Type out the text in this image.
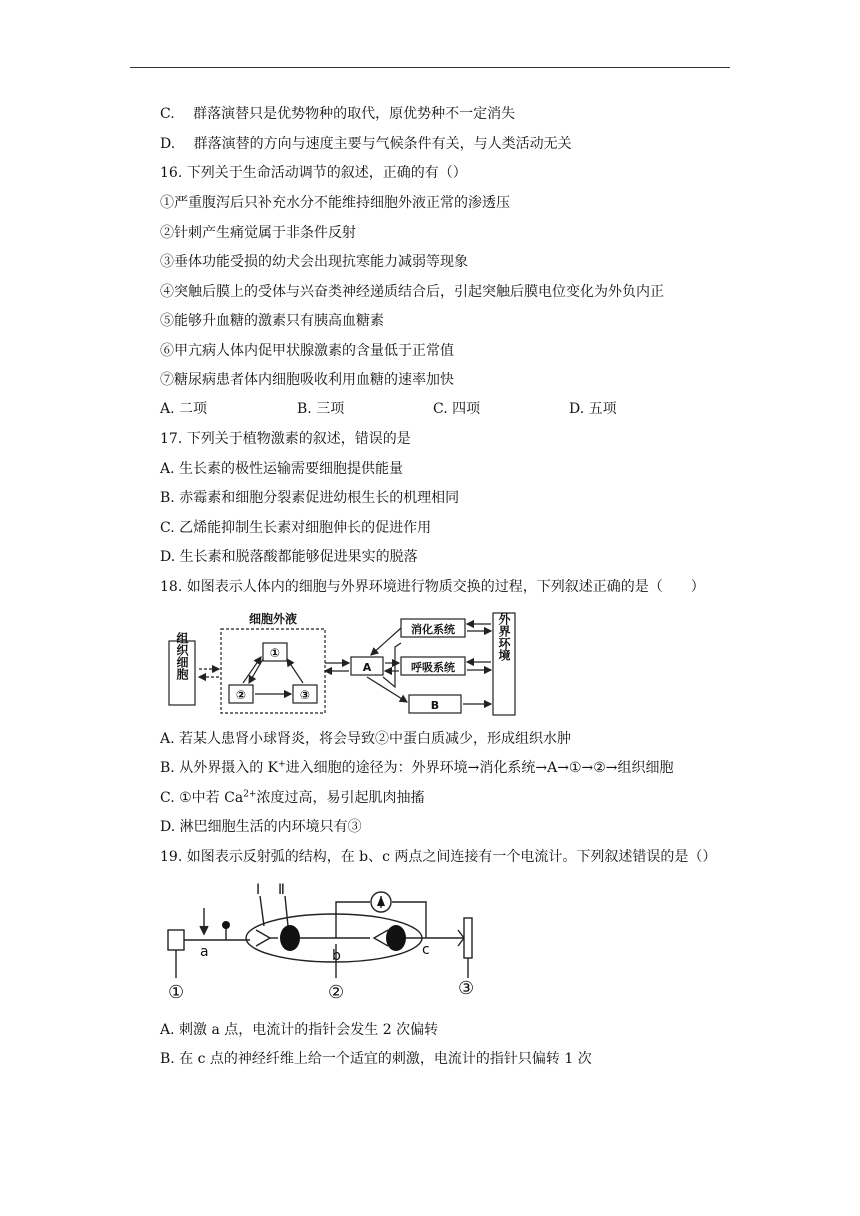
C.　 群落演替只是优势物种的取代，原优势种不一定消失
D.　 群落演替的方向与速度主要与气候条件有关，与人类活动无关
16. 下列关于生命活动调节的叙述，正确的有（）
①严重腹泻后只补充水分不能维持细胞外液正常的渗透压
②针刺产生痛觉属于非条件反射
③垂体功能受损的幼犬会出现抗寒能力减弱等现象
④突触后膜上的受体与兴奋类神经递质结合后，引起突触后膜电位变化为外负内正
⑤能够升血糖的激素只有胰高血糖素
⑥甲亢病人体内促甲状腺激素的含量低于正常值
⑦糖尿病患者体内细胞吸收利用血糖的速率加快
A. 二项	B. 三项	C. 四项	D. 五项
17. 下列关于植物激素的叙述，错误的是
A. 生长素的极性运输需要细胞提供能量
B. 赤霉素和细胞分裂素促进幼根生长的机理相同
C. 乙烯能抑制生长素对细胞伸长的促进作用
D. 生长素和脱落酸都能够促进果实的脱落
18. 如图表示人体内的细胞与外界环境进行物质交换的过程，下列叙述正确的是（　　）
组织细胞
细胞外液
①
②	③
A
B
消化系统
呼吸系统
外界环境
A. 若某人患肾小球肾炎，将会导致②中蛋白质减少，形成组织水肿
B. 从外界摄入的 K+进入细胞的途径为：外界环境→消化系统→A→①→②→组织细胞
C. ①中若 $Ca^{2+}$浓度过高，易引起肌肉抽搐
D. 淋巴细胞生活的内环境只有③
19. 如图表示反射弧的结构，在 b、c 两点之间连接有一个电流计。下列叙述错误的是（）
Ⅰ Ⅱ
a	b	c
①	②	③
A. 刺激 a 点，电流计的指针会发生 2 次偏转
B. 在 c 点的神经纤维上给一个适宜的刺激，电流计的指针只偏转 1 次
